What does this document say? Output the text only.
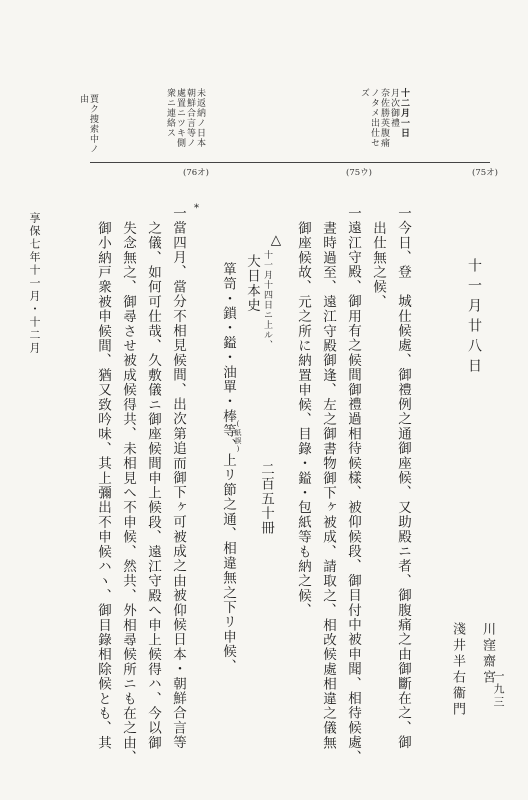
一九三
享保七年十一月・十二月
(75オ)
(75ウ)
(76オ)
十二月一日
月次御禮
奈佐勝英腹痛
ノタメ出仕セ
ズ
未返納ノ日本
朝鮮合言等ノ
處置ニツキ側
衆ニ連絡ス
賈ク捜索中ノ
由
十一月廿八日
川窪齋宮
淺井半右衞門
一今日、登　城仕候處、御禮例之通御座候、又助殿ニ者、御腹痛之由御斷在之、御
出仕無之候、
一遠江守殿、御用有之候間御禮過相待候樣、被仰候段、御目付中被申聞、相待候處、
晝時過至、遠江守殿御逢、左之御書物御下ヶ被成、請取之、相改候處相違之儀無
御座候故、元之所に納置申候、目錄・鎰・包紙等も納之候、
△
十一月十四日ニ上ル、
大日本史
二百五十冊
箪笥・鎖・鎰・油單・棒等、上リ節之通、相違無之下リ申候、
(紙誤)
*
一當四月、當分不相見候間、出次第追而御下ヶ可被成之由被仰候日本・朝鮮合言等
之儀、如何可仕哉、久敷儀ニ御座候間申上候段、遠江守殿へ申上候得ハ、今以御
失念無之、御尋させ被成候得共、未相見へ不申候、然共、外相尋候所ニも在之由、
御小納戸衆被申候間、猶又致吟味、其上彌出不申候ハヽ、御目錄相除候とも、其
